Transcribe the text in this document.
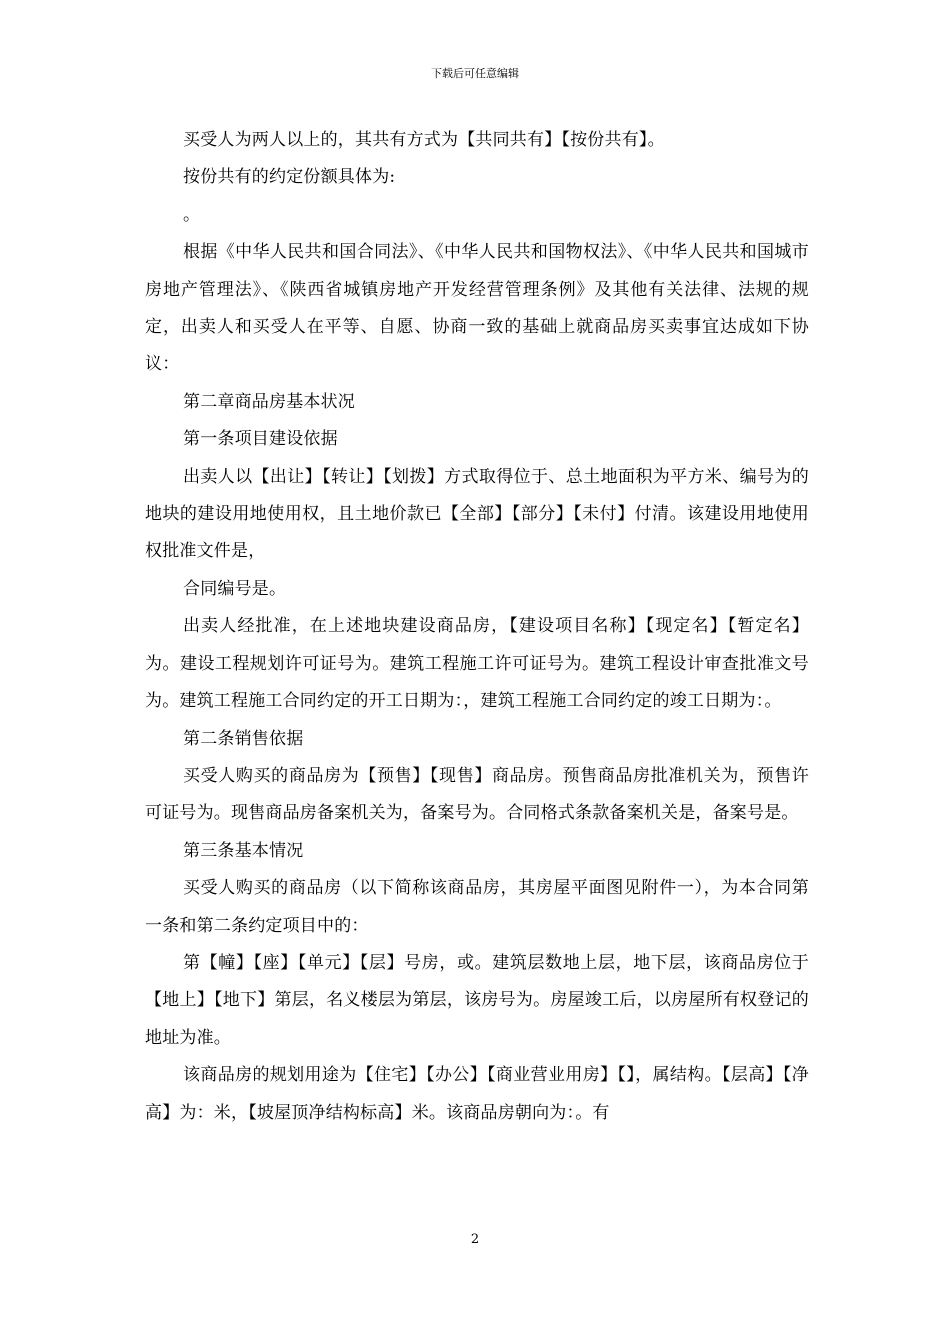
下载后可任意编辑

买受人为两人以上的，其共有方式为【共同共有】【按份共有】。

按份共有的约定份额具体为:

。

根据《中华人民共和国合同法》、《中华人民共和国物权法》、《中华人民共和国城市房地产管理法》、《陕西省城镇房地产开发经营管理条例》及其他有关法律、法规的规定，出卖人和买受人在平等、自愿、协商一致的基础上就商品房买卖事宜达成如下协议：

第二章商品房基本状况

第一条项目建设依据

出卖人以【出让】【转让】【划拨】方式取得位于、总土地面积为平方米、编号为的地块的建设用地使用权，且土地价款已【全部】【部分】【未付】付清。该建设用地使用权批准文件是，

合同编号是。

出卖人经批准，在上述地块建设商品房，【建设项目名称】【现定名】【暂定名】为。建设工程规划许可证号为。建筑工程施工许可证号为。建筑工程设计审查批准文号为。建筑工程施工合同约定的开工日期为：，建筑工程施工合同约定的竣工日期为：。

第二条销售依据

买受人购买的商品房为【预售】【现售】商品房。预售商品房批准机关为，预售许可证号为。现售商品房备案机关为，备案号为。合同格式条款备案机关是，备案号是。

第三条基本情况

买受人购买的商品房（以下简称该商品房，其房屋平面图见附件一），为本合同第一条和第二条约定项目中的：

第【幢】【座】【单元】【层】号房，或。建筑层数地上层，地下层，该商品房位于【地上】【地下】第层，名义楼层为第层，该房号为。房屋竣工后，以房屋所有权登记的地址为准。

该商品房的规划用途为【住宅】【办公】【商业营业用房】【】，属结构。【层高】【净高】为：米，【坡屋顶净结构标高】米。该商品房朝向为：。有

2
